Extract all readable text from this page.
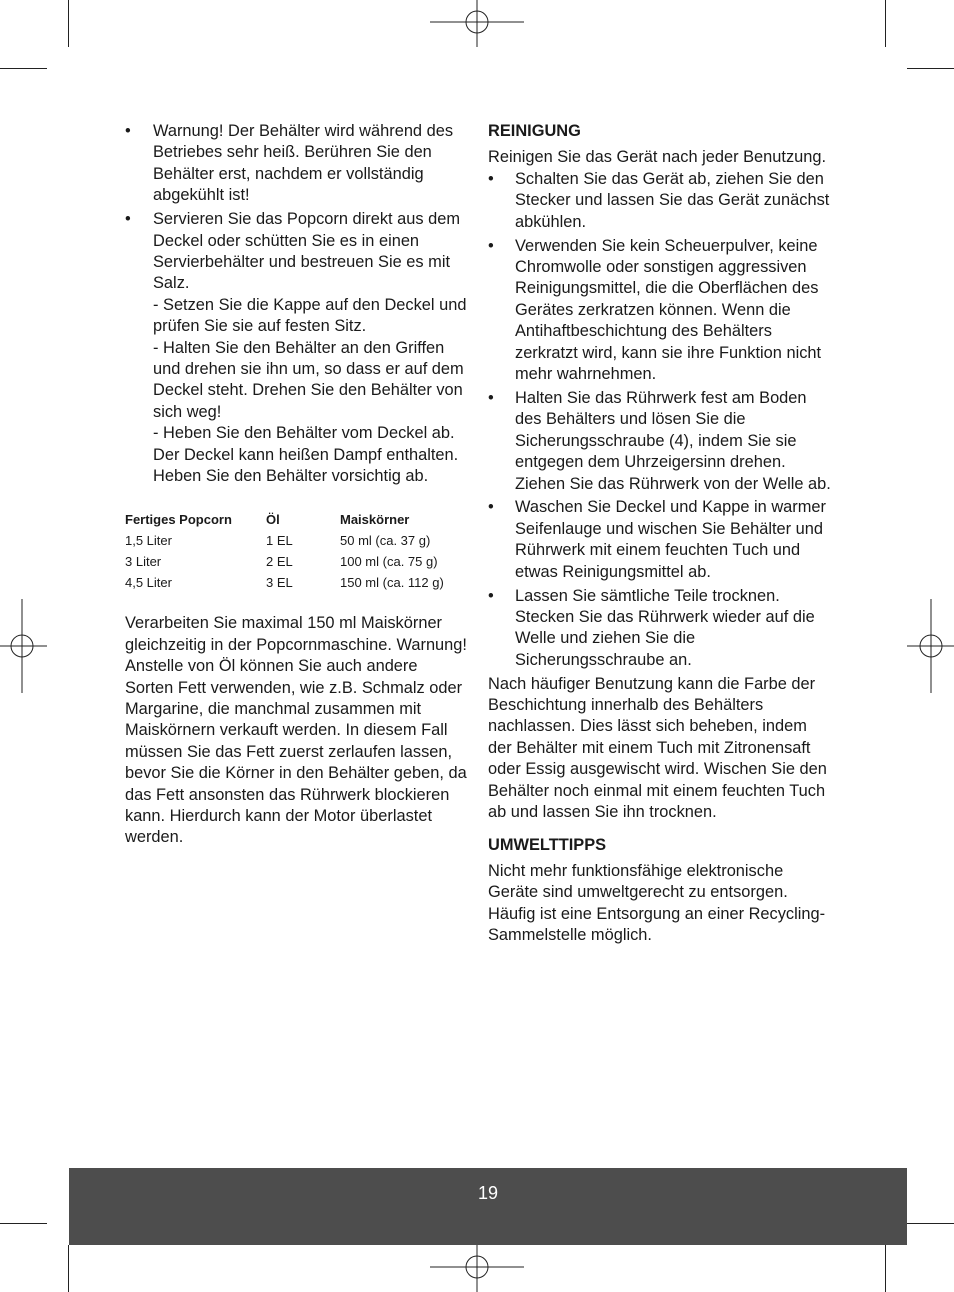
• Warnung! Der Behälter wird während des Betriebes sehr heiß. Berühren Sie den Behälter erst, nachdem er vollständig abgekühlt ist!
• Servieren Sie das Popcorn direkt aus dem Deckel oder schütten Sie es in einen Servierbehälter und bestreuen Sie es mit Salz.
- Setzen Sie die Kappe auf den Deckel und prüfen Sie sie auf festen Sitz.
- Halten Sie den Behälter an den Griffen und drehen sie ihn um, so dass er auf dem Deckel steht. Drehen Sie den Behälter von sich weg!
- Heben Sie den Behälter vom Deckel ab. Der Deckel kann heißen Dampf enthalten. Heben Sie den Behälter vorsichtig ab.
Fertiges Popcorn	Öl	Maiskörner
1,5 Liter	1 EL	50 ml (ca. 37 g)
3 Liter	2 EL	100 ml (ca. 75 g)
4,5 Liter	3 EL	150 ml (ca. 112 g)

Verarbeiten Sie maximal 150 ml Maiskörner gleichzeitig in der Popcornmaschine. Warnung! Anstelle von Öl können Sie auch andere Sorten Fett verwenden, wie z.B. Schmalz oder Margarine, die manchmal zusammen mit Maiskörnern verkauft werden. In diesem Fall müssen Sie das Fett zuerst zerlaufen lassen, bevor Sie die Körner in den Behälter geben, da das Fett ansonsten das Rührwerk blockieren kann. Hierdurch kann der Motor überlastet werden.

REINIGUNG

Reinigen Sie das Gerät nach jeder Benutzung.

• Schalten Sie das Gerät ab, ziehen Sie den Stecker und lassen Sie das Gerät zunächst abkühlen.
• Verwenden Sie kein Scheuerpulver, keine Chromwolle oder sonstigen aggressiven Reinigungsmittel, die die Oberflächen des Gerätes zerkratzen können. Wenn die Antihaftbeschichtung des Behälters zerkratzt wird, kann sie ihre Funktion nicht mehr wahrnehmen.
• Halten Sie das Rührwerk fest am Boden des Behälters und lösen Sie die Sicherungsschraube (4), indem Sie sie entgegen dem Uhrzeigersinn drehen. Ziehen Sie das Rührwerk von der Welle ab.
• Waschen Sie Deckel und Kappe in warmer Seifenlauge und wischen Sie Behälter und Rührwerk mit einem feuchten Tuch und etwas Reinigungsmittel ab.
• Lassen Sie sämtliche Teile trocknen. Stecken Sie das Rührwerk wieder auf die Welle und ziehen Sie die Sicherungsschraube an.

Nach häufiger Benutzung kann die Farbe der Beschichtung innerhalb des Behälters nachlassen. Dies lässt sich beheben, indem der Behälter mit einem Tuch mit Zitronensaft oder Essig ausgewischt wird. Wischen Sie den Behälter noch einmal mit einem feuchten Tuch ab und lassen Sie ihn trocknen.

UMWELTTIPPS

Nicht mehr funktionsfähige elektronische Geräte sind umweltgerecht zu entsorgen. Häufig ist eine Entsorgung an einer Recycling-Sammelstelle möglich.

19
